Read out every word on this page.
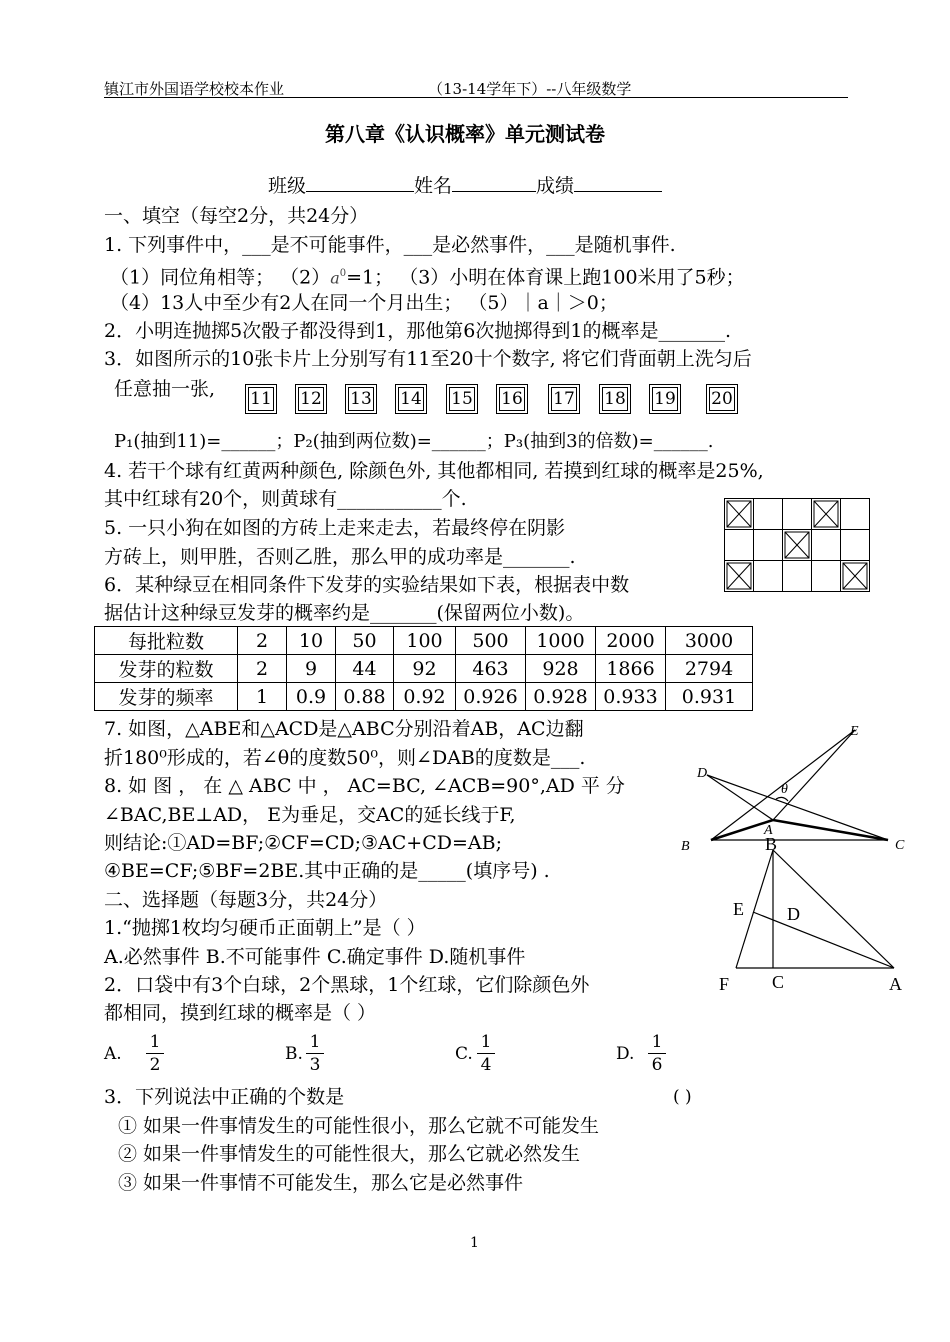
镇江市外国语学校校本作业	（13-14学年下）--八年级数学
第八章《认识概率》单元测试卷
班级	姓名	成绩
一、填空（每空2分，共24分）
1. 下列事件中，___是不可能事件，___是必然事件，___是随机事件.
（1）同位角相等； $(2)a^0=1$； （3）小明在体育课上跑100米用了5秒；
（4）13人中至少有2人在同一个月出生； （5）｜a｜＞0；
2．小明连抛掷5次骰子都没得到1，那他第6次抛掷得到1的概率是_______.
3．如图所示的10张卡片上分别写有11至20十个数字, 将它们背面朝上洗匀后
任意抽一张, 11 12 13 14 15 16 17 18 19 20
P₁(抽到11)=______；P₂(抽到两位数)=______；P₃(抽到3的倍数)=______.
4. 若干个球有红黄两种颜色, 除颜色外, 其他都相同, 若摸到红球的概率是25%,
其中红球有20个，则黄球有___________个.
5. 一只小狗在如图的方砖上走来走去，若最终停在阴影
方砖上，则甲胜，否则乙胜，那么甲的成功率是_______.
6．某种绿豆在相同条件下发芽的实验结果如下表，根据表中数
据估计这种绿豆发芽的概率约是_______(保留两位小数)。

每批粒数	2	10	50	100	500	1000	2000	3000
发芽的粒数	2	9	44	92	463	928	1866	2794
发芽的频率	1	0.9	0.88	0.92	0.926	0.928	0.933	0.931
7. 如图，△ABE和△ACD是△ABC分别沿着AB，AC边翻
折180⁰形成的，若∠θ的度数50⁰，则∠DAB的度数是___.
8. 如 图 ， 在 △ ABC 中 ， AC=BC, ∠ACB=90°,AD 平 分
∠BAC,BE⊥AD， E为垂足，交AC的延长线于F,
则结论:①AD=BF;②CF=CD;③AC+CD=AB;
④BE=CF;⑤BF=2BE.其中正确的是_____(填序号) .
E
D
θ
A
B	C
B
E D
F C	A
二、选择题（每题3分，共24分）
1.“抛掷1枚均匀硬币正面朝上”是（ ）
A.必然事件 B.不可能事件 C.确定事件 D.随机事件
2．口袋中有3个白球，2个黑球，1个红球，它们除颜色外
都相同，摸到红球的概率是（ ）
A.
1
2
B.
1
3
C.
1
4
D.
1
6
3．下列说法中正确的个数是	( )
① 如果一件事情发生的可能性很小，那么它就不可能发生
② 如果一件事情发生的可能性很大，那么它就必然发生
③ 如果一件事情不可能发生，那么它是必然事件
1
